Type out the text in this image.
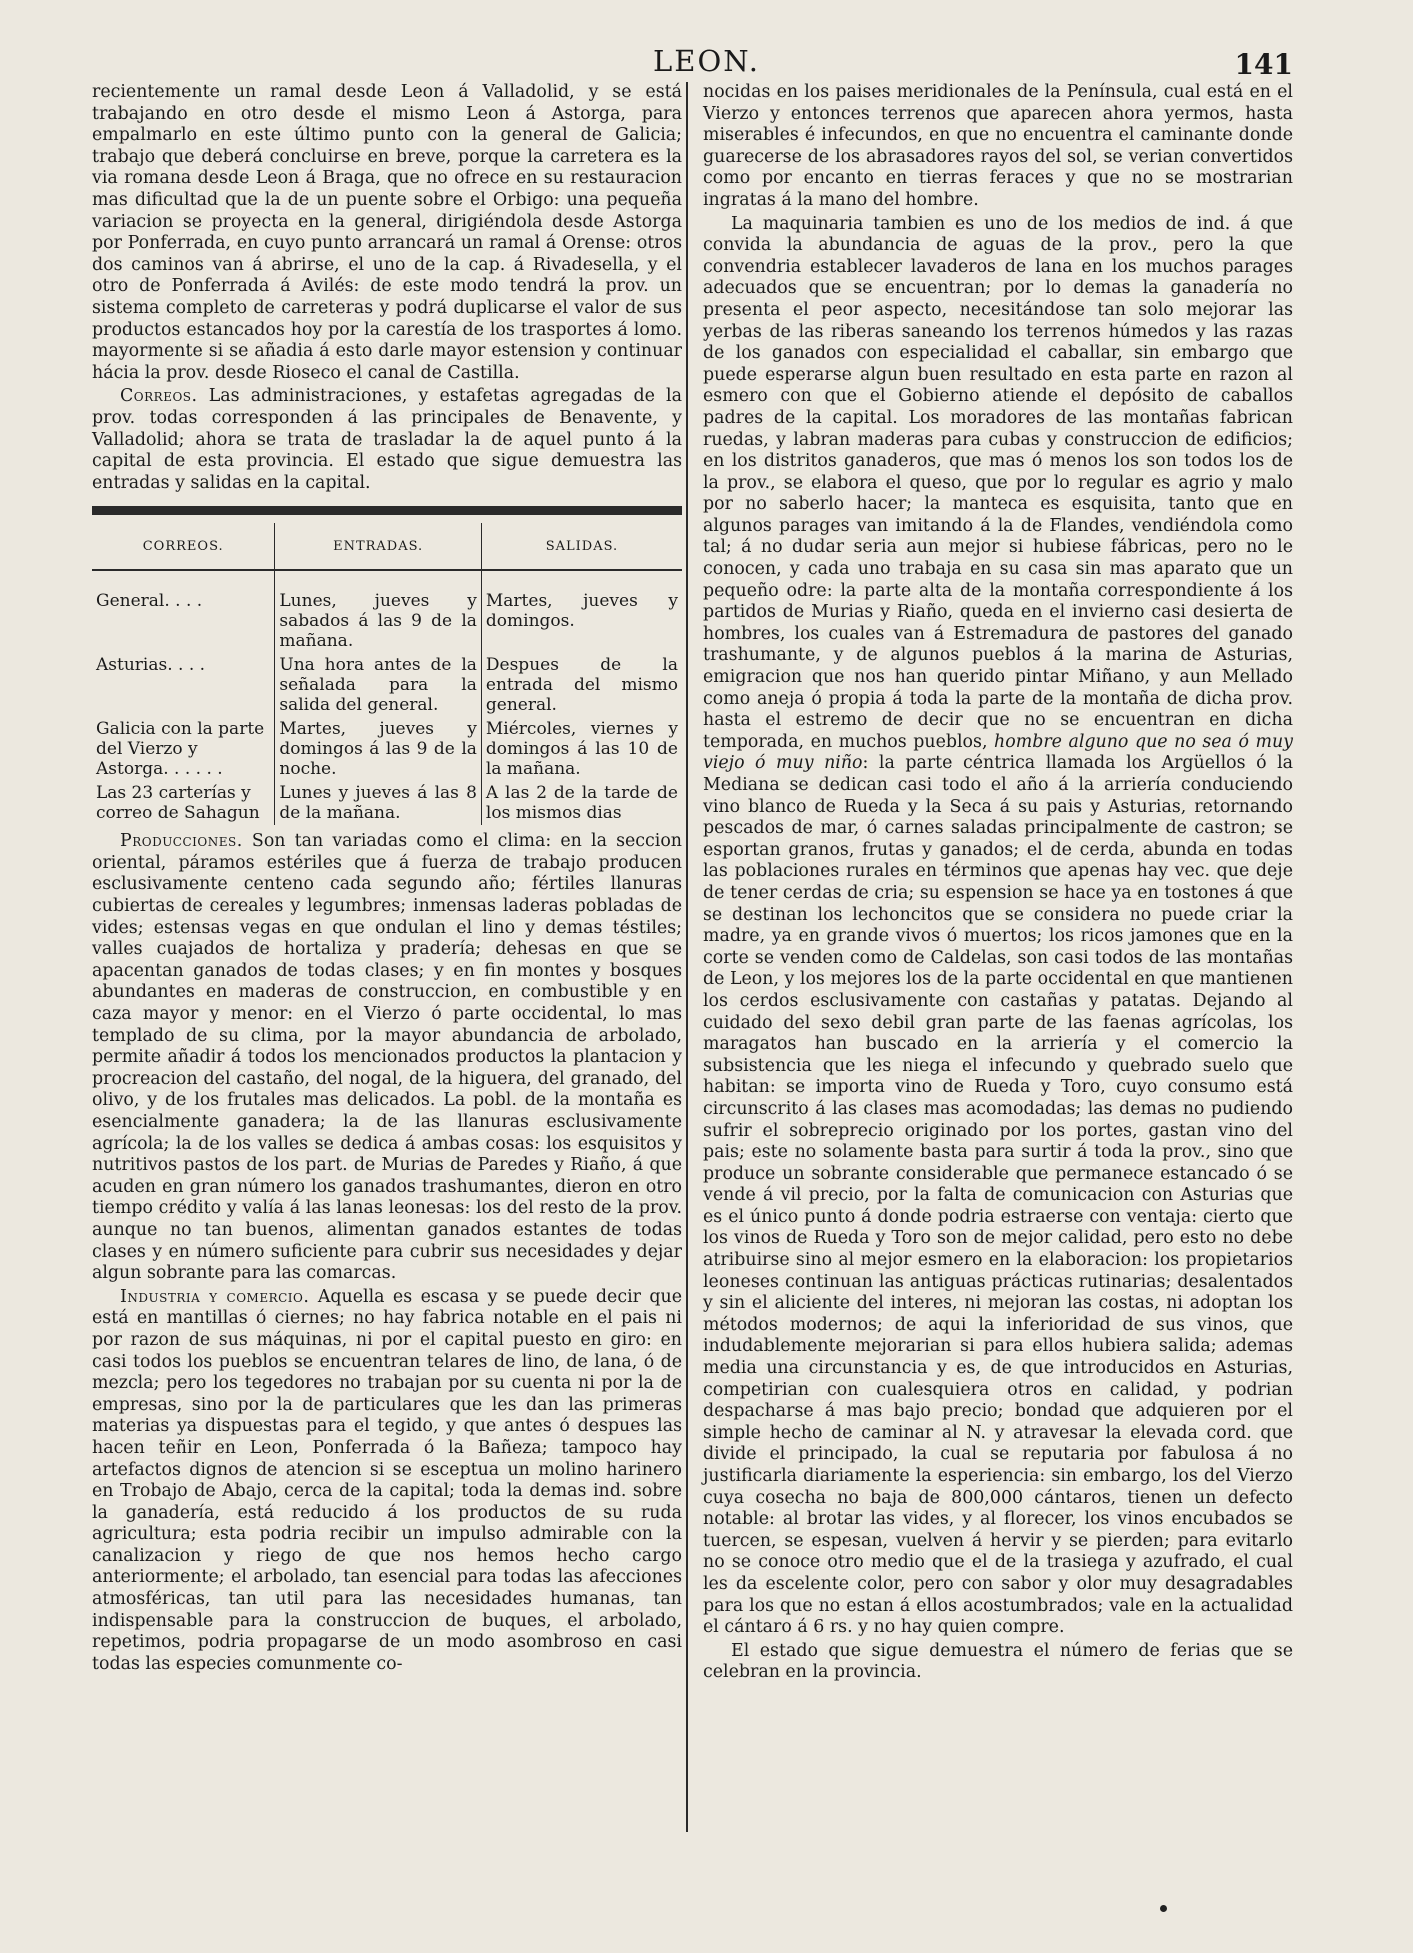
LEON.	141

recientemente un ramal desde Leon á Valladolid, y se está trabajando en otro desde el mismo Leon á Astorga, para empalmarlo en este último punto con la general de Galicia; trabajo que deberá concluirse en breve, porque la carretera es la via romana desde Leon á Braga, que no ofrece en su restauracion mas dificultad que la de un puente sobre el Orbigo: una pequeña variacion se proyecta en la general, dirigiéndola desde Astorga por Ponferrada, en cuyo punto arrancará un ramal á Orense: otros dos caminos van á abrirse, el uno de la cap. á Rivadesella, y el otro de Ponferrada á Avilés: de este modo tendrá la prov. un sistema completo de carreteras y podrá duplicarse el valor de sus productos estancados hoy por la carestía de los trasportes á lomo. mayormente si se añadia á esto darle mayor estension y continuar hácia la prov. desde Rioseco el canal de Castilla.

Correos. Las administraciones, y estafetas agregadas de la prov. todas corresponden á las principales de Benavente, y Valladolid; ahora se trata de trasladar la de aquel punto á la capital de esta provincia. El estado que sigue demuestra las entradas y salidas en la capital.

CORREOS.	ENTRADAS.	SALIDAS.

General. . . .	Lunes, jueves y sabados á las 9 de la mañana.	Martes, jueves y domingos.
Asturias. . . .	Una hora antes de la señalada para la salida del general.	Despues de la entrada del mismo general.
Galicia con la parte del Vierzo y Astorga. . . . . .	Martes, jueves y domingos á las 9 de la noche.	Miércoles, viernes y domingos á las 10 de la mañana.
Las 23 carterías y correo de Sahagun	Lunes y jueves á las 8 de la mañana.	A las 2 de la tarde de los mismos dias

Producciones. Son tan variadas como el clima: en la seccion oriental, páramos estériles que á fuerza de trabajo producen esclusivamente centeno cada segundo año; fértiles llanuras cubiertas de cereales y legumbres; inmensas laderas pobladas de vides; estensas vegas en que ondulan el lino y demas téstiles; valles cuajados de hortaliza y pradería; dehesas en que se apacentan ganados de todas clases; y en fin montes y bosques abundantes en maderas de construccion, en combustible y en caza mayor y menor: en el Vierzo ó parte occidental, lo mas templado de su clima, por la mayor abundancia de arbolado, permite añadir á todos los mencionados productos la plantacion y procreacion del castaño, del nogal, de la higuera, del granado, del olivo, y de los frutales mas delicados. La pobl. de la montaña es esencialmente ganadera; la de las llanuras esclusivamente agrícola; la de los valles se dedica á ambas cosas: los esquisitos y nutritivos pastos de los part. de Murias de Paredes y Riaño, á que acuden en gran número los ganados trashumantes, dieron en otro tiempo crédito y valía á las lanas leonesas: los del resto de la prov. aunque no tan buenos, alimentan ganados estantes de todas clases y en número suficiente para cubrir sus necesidades y dejar algun sobrante para las comarcas.

Industria y comercio. Aquella es escasa y se puede decir que está en mantillas ó ciernes; no hay fabrica notable en el pais ni por razon de sus máquinas, ni por el capital puesto en giro: en casi todos los pueblos se encuentran telares de lino, de lana, ó de mezcla; pero los tegedores no trabajan por su cuenta ni por la de empresas, sino por la de particulares que les dan las primeras materias ya dispuestas para el tegido, y que antes ó despues las hacen teñir en Leon, Ponferrada ó la Bañeza; tampoco hay artefactos dignos de atencion si se esceptua un molino harinero en Trobajo de Abajo, cerca de la capital; toda la demas ind. sobre la ganadería, está reducido á los productos de su ruda agricultura; esta podria recibir un impulso admirable con la canalizacion y riego de que nos hemos hecho cargo anteriormente; el arbolado, tan esencial para todas las afecciones atmosféricas, tan util para las necesidades humanas, tan indispensable para la construccion de buques, el arbolado, repetimos, podria propagarse de un modo asombroso en casi todas las especies comunmente co-

nocidas en los paises meridionales de la Península, cual está en el Vierzo y entonces terrenos que aparecen ahora yermos, hasta miserables é infecundos, en que no encuentra el caminante donde guarecerse de los abrasadores rayos del sol, se verian convertidos como por encanto en tierras feraces y que no se mostrarian ingratas á la mano del hombre.

La maquinaria tambien es uno de los medios de ind. á que convida la abundancia de aguas de la prov., pero la que convendria establecer lavaderos de lana en los muchos parages adecuados que se encuentran; por lo demas la ganadería no presenta el peor aspecto, necesitándose tan solo mejorar las yerbas de las riberas saneando los terrenos húmedos y las razas de los ganados con especialidad el caballar, sin embargo que puede esperarse algun buen resultado en esta parte en razon al esmero con que el Gobierno atiende el depósito de caballos padres de la capital. Los moradores de las montañas fabrican ruedas, y labran maderas para cubas y construccion de edificios; en los distritos ganaderos, que mas ó menos los son todos los de la prov., se elabora el queso, que por lo regular es agrio y malo por no saberlo hacer; la manteca es esquisita, tanto que en algunos parages van imitando á la de Flandes, vendiéndola como tal; á no dudar seria aun mejor si hubiese fábricas, pero no le conocen, y cada uno trabaja en su casa sin mas aparato que un pequeño odre: la parte alta de la montaña correspondiente á los partidos de Murias y Riaño, queda en el invierno casi desierta de hombres, los cuales van á Estremadura de pastores del ganado trashumante, y de algunos pueblos á la marina de Asturias, emigracion que nos han querido pintar Miñano, y aun Mellado como aneja ó propia á toda la parte de la montaña de dicha prov. hasta el estremo de decir que no se encuentran en dicha temporada, en muchos pueblos, hombre alguno que no sea ó muy viejo ó muy niño: la parte céntrica llamada los Argüellos ó la Mediana se dedican casi todo el año á la arriería conduciendo vino blanco de Rueda y la Seca á su pais y Asturias, retornando pescados de mar, ó carnes saladas principalmente de castron; se esportan granos, frutas y ganados; el de cerda, abunda en todas las poblaciones rurales en términos que apenas hay vec. que deje de tener cerdas de cria; su espension se hace ya en tostones á que se destinan los lechoncitos que se considera no puede criar la madre, ya en grande vivos ó muertos; los ricos jamones que en la corte se venden como de Caldelas, son casi todos de las montañas de Leon, y los mejores los de la parte occidental en que mantienen los cerdos esclusivamente con castañas y patatas. Dejando al cuidado del sexo debil gran parte de las faenas agrícolas, los maragatos han buscado en la arriería y el comercio la subsistencia que les niega el infecundo y quebrado suelo que habitan: se importa vino de Rueda y Toro, cuyo consumo está circunscrito á las clases mas acomodadas; las demas no pudiendo sufrir el sobreprecio originado por los portes, gastan vino del pais; este no solamente basta para surtir á toda la prov., sino que produce un sobrante considerable que permanece estancado ó se vende á vil precio, por la falta de comunicacion con Asturias que es el único punto á donde podria estraerse con ventaja: cierto que los vinos de Rueda y Toro son de mejor calidad, pero esto no debe atribuirse sino al mejor esmero en la elaboracion: los propietarios leoneses continuan las antiguas prácticas rutinarias; desalentados y sin el aliciente del interes, ni mejoran las costas, ni adoptan los métodos modernos; de aqui la inferioridad de sus vinos, que indudablemente mejorarian si para ellos hubiera salida; ademas media una circunstancia y es, de que introducidos en Asturias, competirian con cualesquiera otros en calidad, y podrian despacharse á mas bajo precio; bondad que adquieren por el simple hecho de caminar al N. y atravesar la elevada cord. que divide el principado, la cual se reputaria por fabulosa á no justificarla diariamente la esperiencia: sin embargo, los del Vierzo cuya cosecha no baja de 800,000 cántaros, tienen un defecto notable: al brotar las vides, y al florecer, los vinos encubados se tuercen, se espesan, vuelven á hervir y se pierden; para evitarlo no se conoce otro medio que el de la trasiega y azufrado, el cual les da escelente color, pero con sabor y olor muy desagradables para los que no estan á ellos acostumbrados; vale en la actualidad el cántaro á 6 rs. y no hay quien compre.

El estado que sigue demuestra el número de ferias que se celebran en la provincia.
